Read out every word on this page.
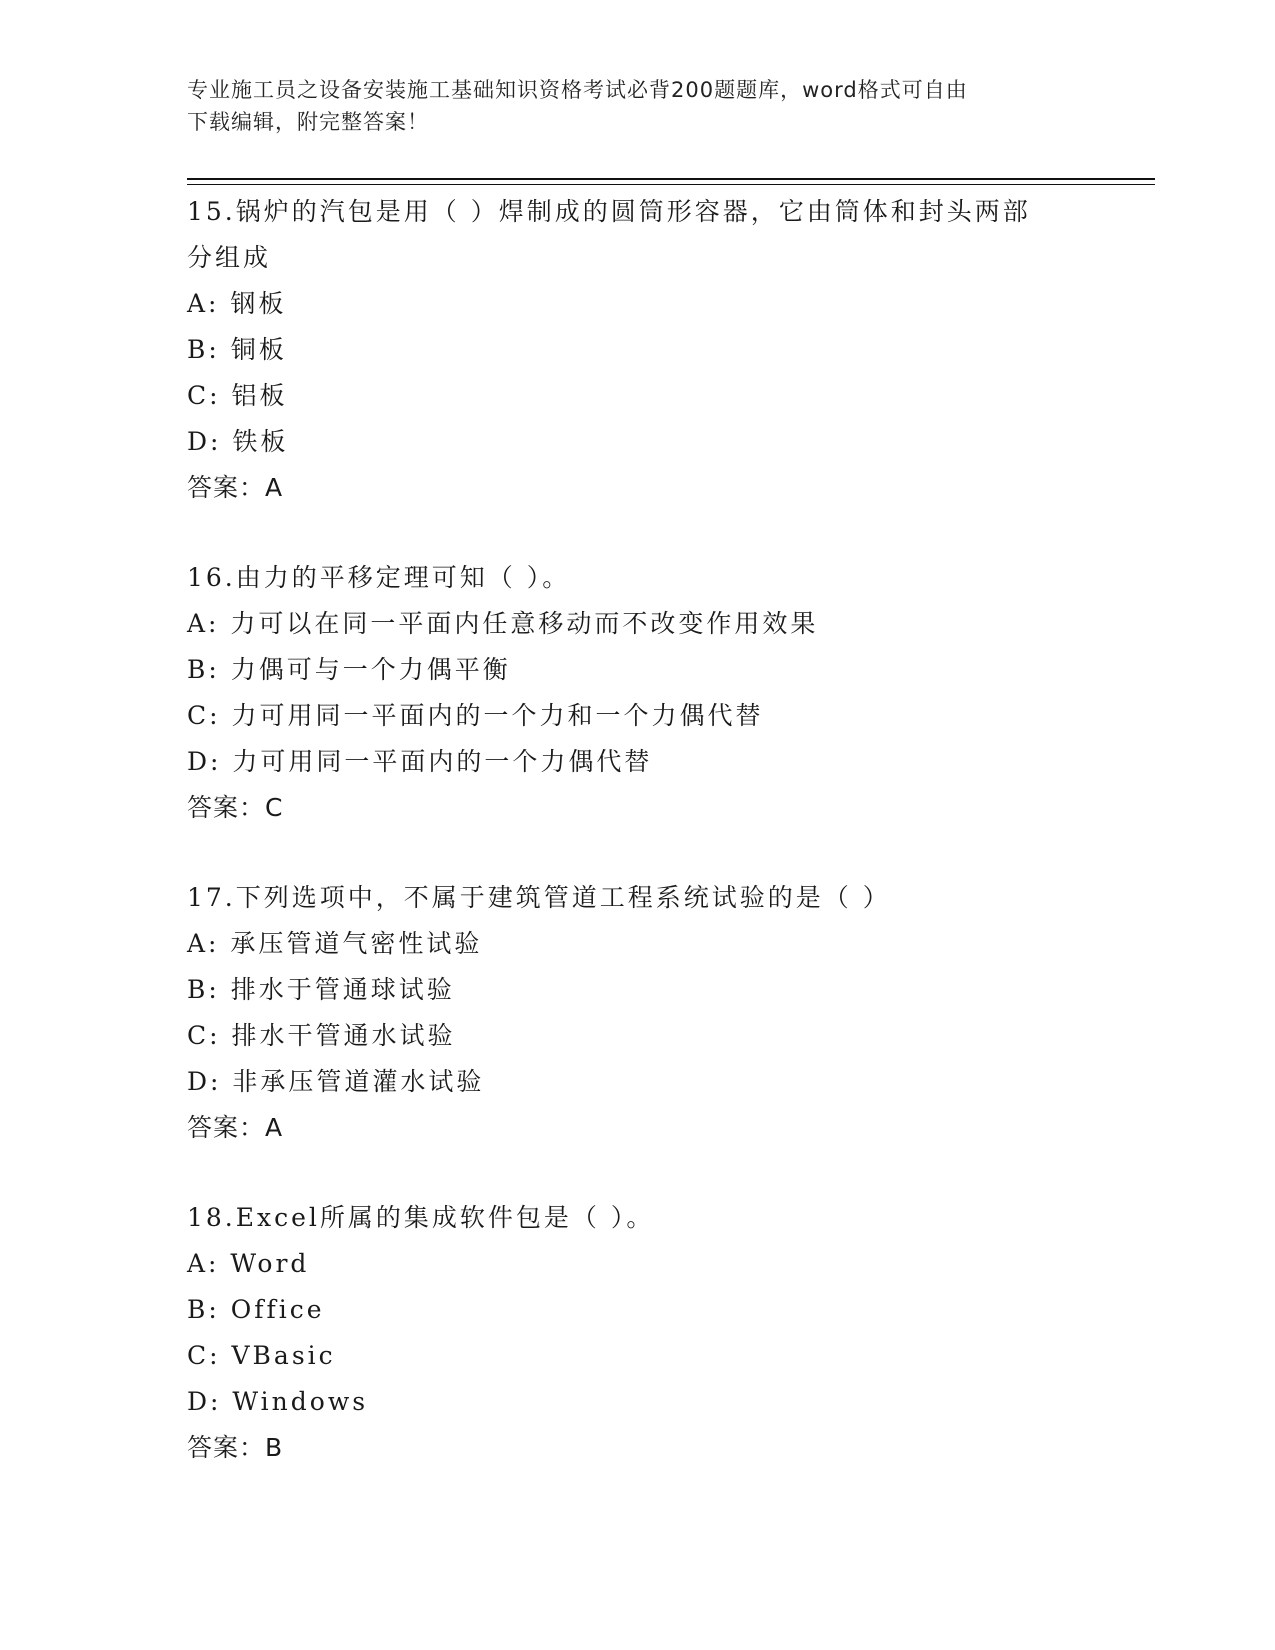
专业施工员之设备安装施工基础知识资格考试必背200题题库，word格式可自由
下载编辑，附完整答案！
15.锅炉的汽包是用（ ）焊制成的圆筒形容器，它由筒体和封头两部
分组成
A: 钢板
B: 铜板
C: 铝板
D: 铁板
答案：A
16.由力的平移定理可知（ ）。
A: 力可以在同一平面内任意移动而不改变作用效果
B: 力偶可与一个力偶平衡
C: 力可用同一平面内的一个力和一个力偶代替
D: 力可用同一平面内的一个力偶代替
答案：C
17.下列选项中，不属于建筑管道工程系统试验的是（ ）
A: 承压管道气密性试验
B: 排水于管通球试验
C: 排水干管通水试验
D: 非承压管道灌水试验
答案：A
18.Excel所属的集成软件包是（ ）。
A: Word
B: Office
C: VBasic
D: Windows
答案：B
